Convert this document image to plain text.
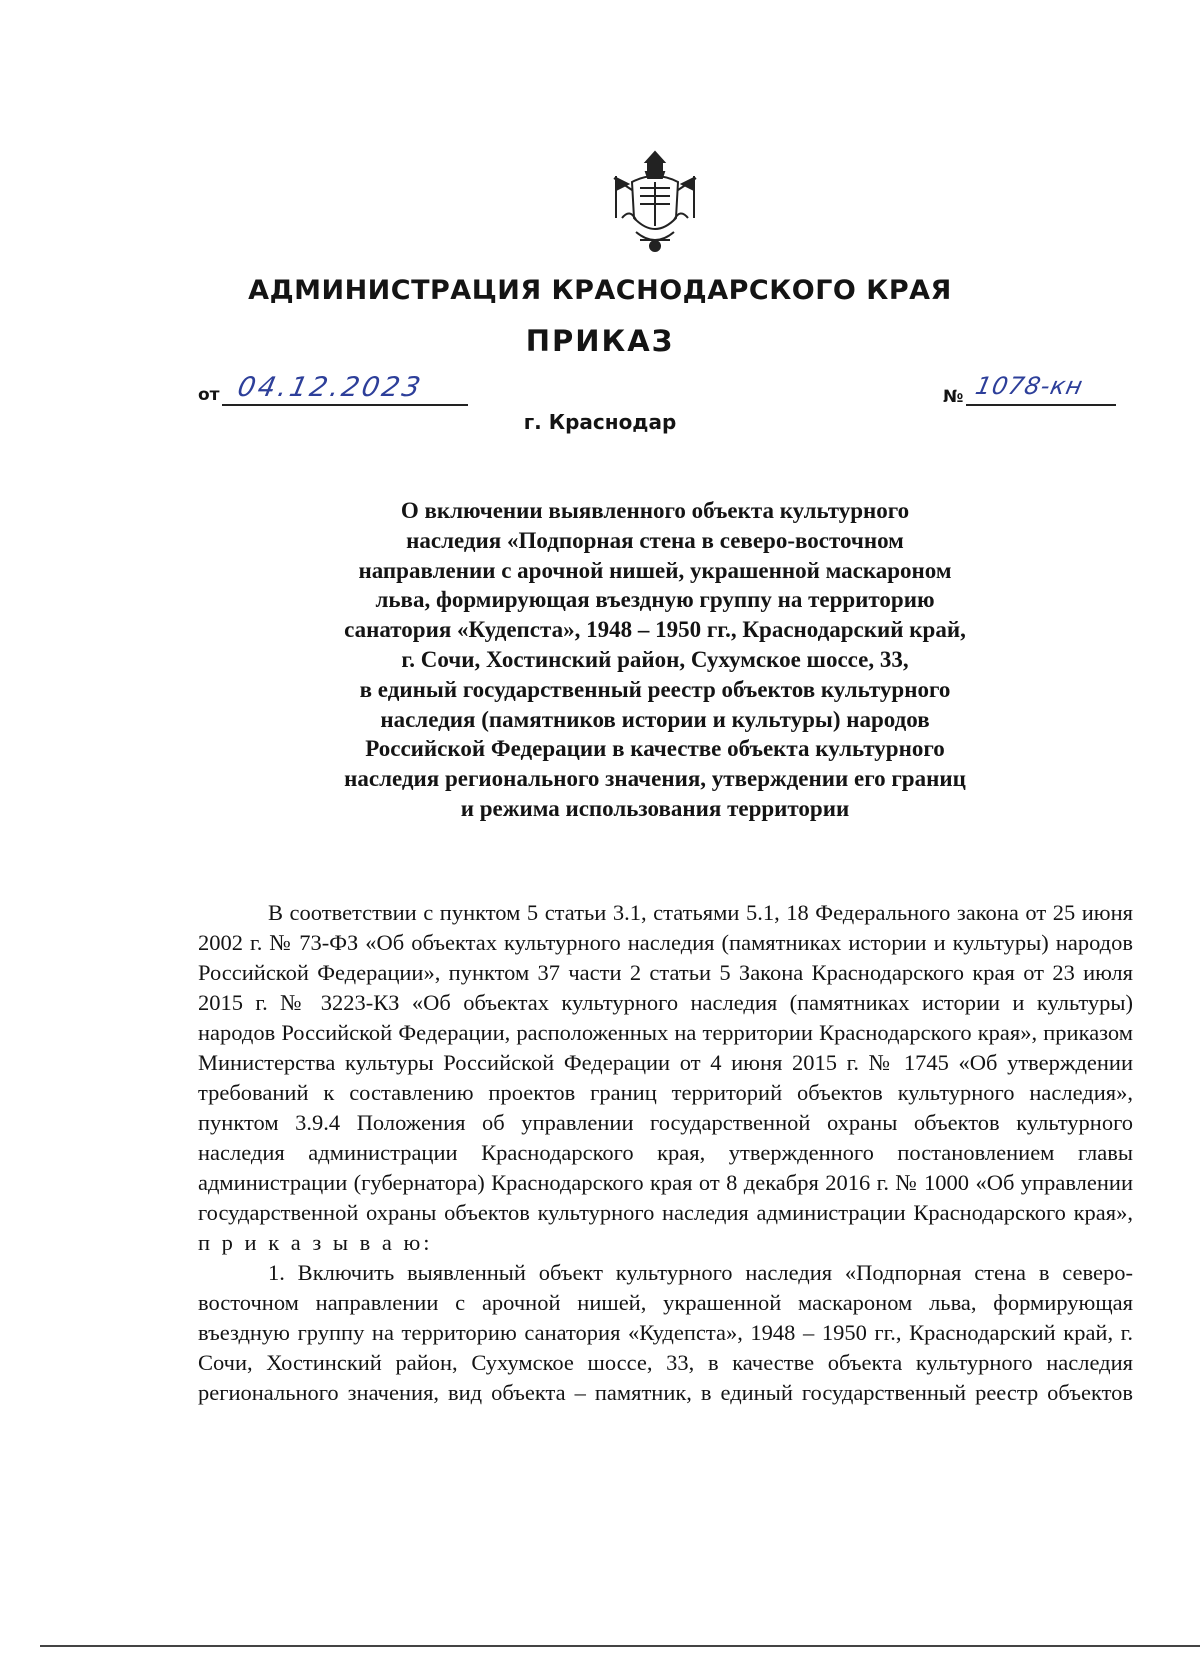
АДМИНИСТРАЦИЯ КРАСНОДАРСКОГО КРАЯ
ПРИКАЗ
от 04.12.2023
г. Краснодар
№ 1078-кн
О включении выявленного объекта культурного
наследия «Подпорная стена в северо-восточном
направлении с арочной нишей, украшенной маскароном
льва, формирующая въездную группу на территорию
санатория «Кудепста», 1948 – 1950 гг., Краснодарский край,
г. Сочи, Хостинский район, Сухумское шоссе, 33,
в единый государственный реестр объектов культурного
наследия (памятников истории и культуры) народов
Российской Федерации в качестве объекта культурного
наследия регионального значения, утверждении его границ
и режима использования территории

В соответствии с пунктом 5 статьи 3.1, статьями 5.1, 18 Федерального закона от 25 июня 2002 г. № 73-ФЗ «Об объектах культурного наследия (памятниках истории и культуры) народов Российской Федерации», пунктом 37 части 2 статьи 5 Закона Краснодарского края от 23 июля 2015 г. № 3223-КЗ «Об объектах культурного наследия (памятниках истории и культуры) народов Российской Федерации, расположенных на территории Краснодарского края», приказом Министерства культуры Российской Федерации от 4 июня 2015 г. № 1745 «Об утверждении требований к составлению проектов границ территорий объектов культурного наследия», пунктом 3.9.4 Положения об управлении государственной охраны объектов культурного наследия администрации Краснодарского края, утвержденного постановлением главы администрации (губернатора) Краснодарского края от 8 декабря 2016 г. № 1000 «Об управлении государственной охраны объектов культурного наследия администрации Краснодарского края», п р и к а з ы в а ю:

1. Включить выявленный объект культурного наследия «Подпорная стена в северо-восточном направлении с арочной нишей, украшенной маскароном льва, формирующая въездную группу на территорию санатория «Кудепста», 1948 – 1950 гг., Краснодарский край, г. Сочи, Хостинский район, Сухумское шоссе, 33, в качестве объекта культурного наследия регионального значения, вид объекта – памятник, в единый государственный реестр объектов
